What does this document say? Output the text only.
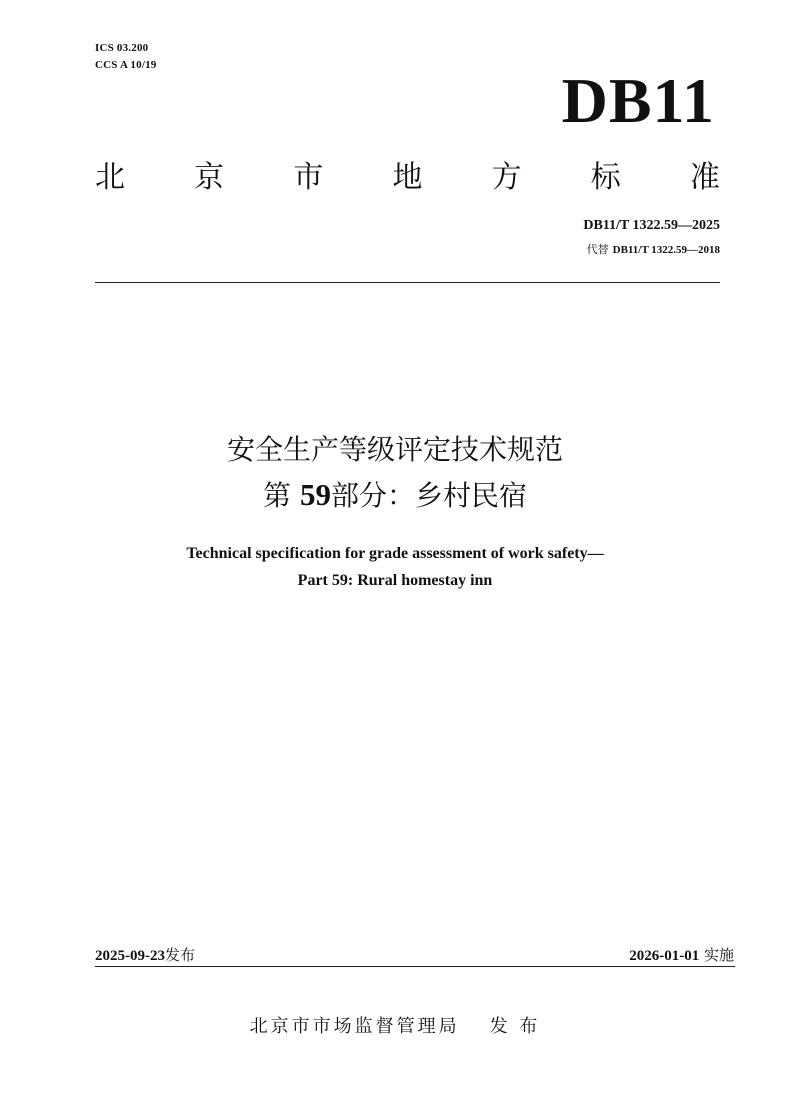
ICS 03.200
CCS A 10/19	DB11
北 京 市 地 方 标 准
DB11/T 1322.59—2025
代替 DB11/T 1322.59—2018
安全生产等级评定技术规范
第 59部分：乡村民宿
Technical specification for grade assessment of work safety—
Part 59: Rural homestay inn
2025-09-23发布	2026-01-01 实施
北京市市场监督管理局 发 布
